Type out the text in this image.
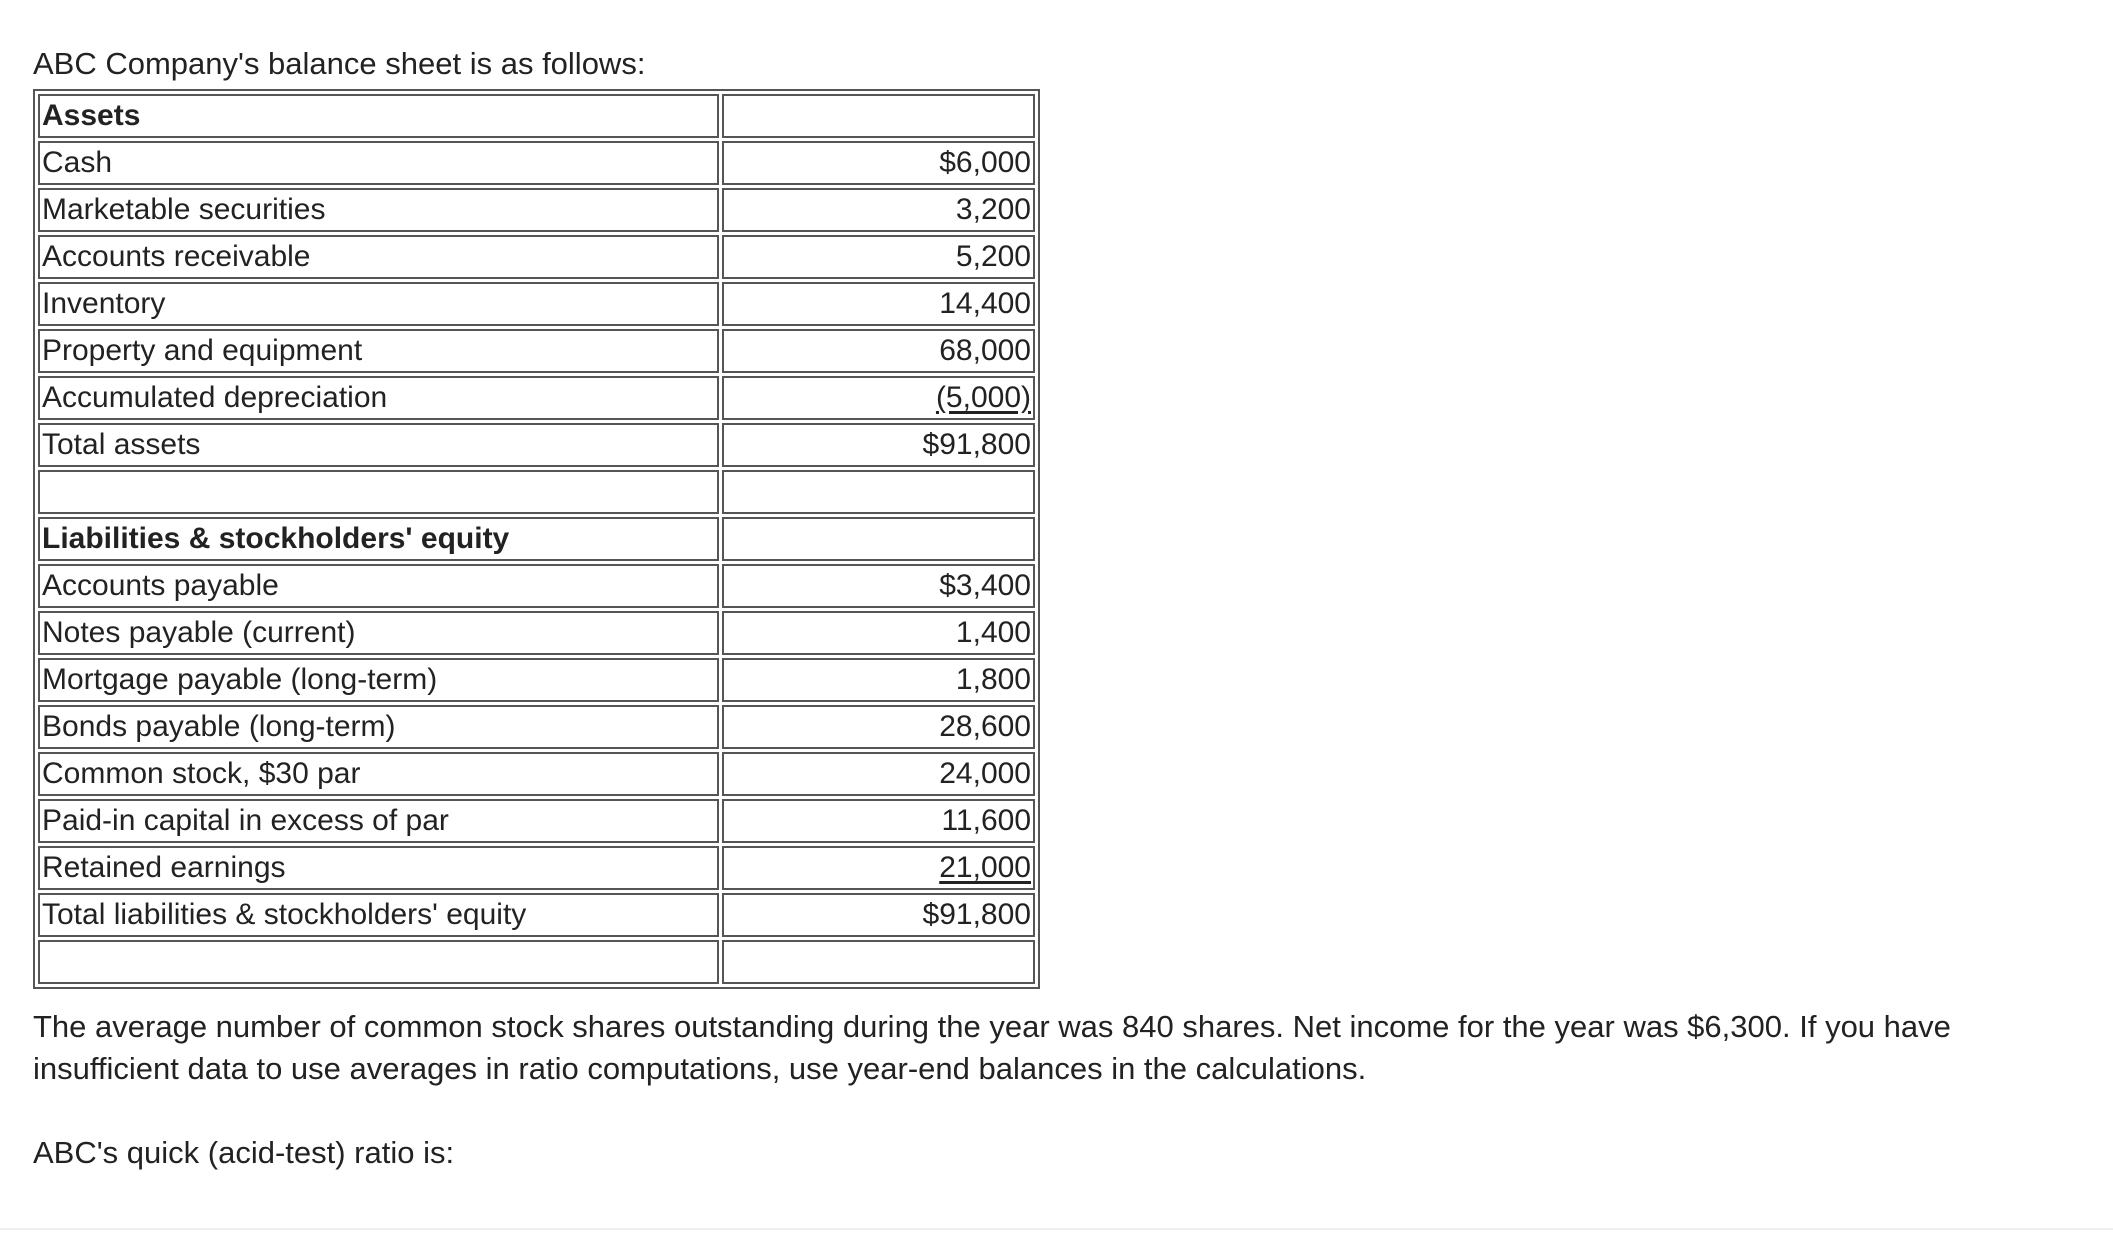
ABC Company's balance sheet is as follows:

Assets	
Cash	$6,000
Marketable securities	3,200
Accounts receivable	5,200
Inventory	14,400
Property and equipment	68,000
Accumulated depreciation	(5,000)
Total assets	$91,800

Liabilities & stockholders' equity	
Accounts payable	$3,400
Notes payable (current)	1,400
Mortgage payable (long-term)	1,800
Bonds payable (long-term)	28,600
Common stock, $30 par	24,000
Paid-in capital in excess of par	11,600
Retained earnings	21,000
Total liabilities & stockholders' equity	$91,800

The average number of common stock shares outstanding during the year was 840 shares. Net income for the year was $6,300. If you have insufficient data to use averages in ratio computations, use year-end balances in the calculations.

ABC's quick (acid-test) ratio is:
